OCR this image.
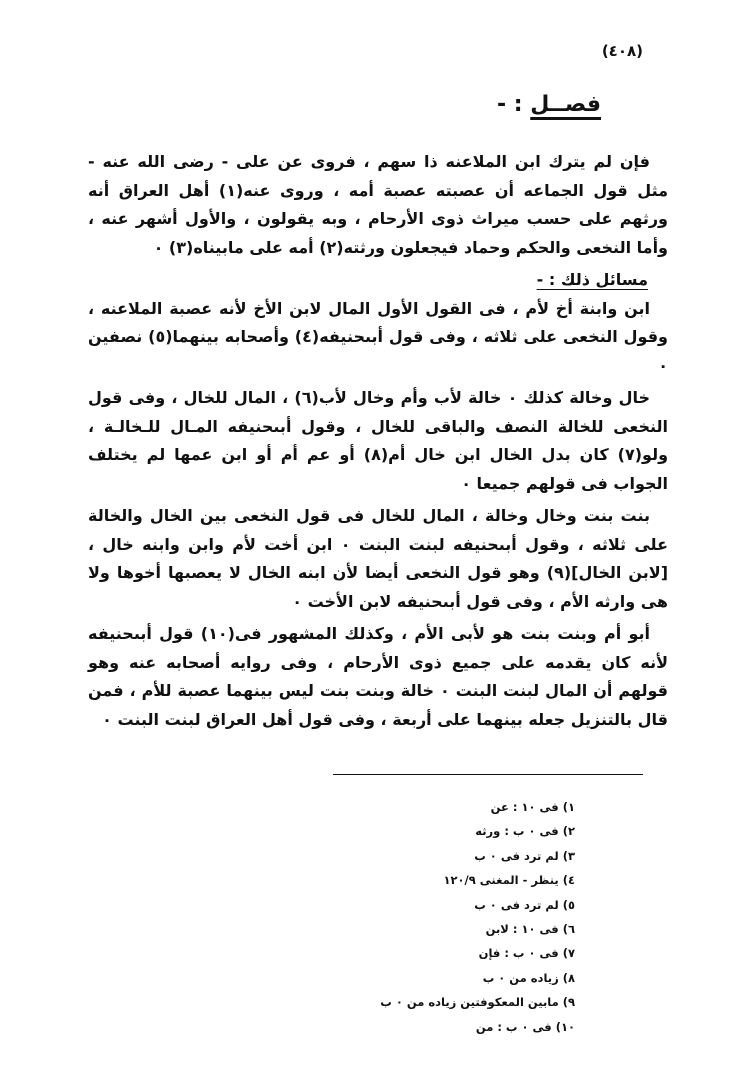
(٤٠٨)
فصــل : -

فإن لم يترك ابن الملاعنه ذا سهم ، فروى عن على - رضى الله عنه - مثل قول الجماعه أن عصبته عصبة أمه ، وروى عنه(١) أهل العراق أنه ورثهم على حسب ميراث ذوى الأرحام ، وبه يقولون ، والأول أشهر عنه ، وأما النخعى والحكم وحماد فيجعلون ورثته(٢) أمه على مابيناه(٣) ٠

مسائل ذلك : -

ابن وابنة أخ لأم ، فى القول الأول المال لابن الأخ لأنه عصبة الملاعنه ، وقول النخعى على ثلاثه ، وفى قول أبىحنيفه(٤) وأصحابه بينهما(٥) نصفين ٠

خال وخالة كذلك ٠ خالة لأب وأم وخال لأب(٦) ، المال للخال ، وفى قول النخعى للخالة النصف والباقى للخال ، وقول أبىحنيفه المـال للـخالـة ، ولو(٧) كان بدل الخال ابن خال أم(٨) أو عم أم أو ابن عمها لم يختلف الجواب فى قولهم جميعا ٠

بنت بنت وخال وخالة ، المال للخال فى قول النخعى بين الخال والخالة على ثلاثه ، وقول أبىحنيفه لبنت البنت ٠ ابن أخت لأم وابن وابنه خال ، [لابن الخال](٩) وهو قول النخعى أيضا لأن ابنه الخال لا يعصبها أخوها ولا هى وارثه الأم ، وفى قول أبىحنيفه لابن الأخت ٠

أبو أم وبنت بنت هو لأبى الأم ، وكذلك المشهور فى(١٠) قول أبىحنيفه لأنه كان يقدمه على جميع ذوى الأرحام ، وفى روايه أصحابه عنه وهو قولهم أن المال لبنت البنت ٠ خالة وبنت بنت ليس بينهما عصبة للأم ، فمن قال بالتنزيل جعله بينهما على أربعة ، وفى قول أهل العراق لبنت البنت ٠

١) فى ١٠ : عن
٢) فى ٠ ب : ورثه
٣) لم ترد فى ٠ ب
٤) ينظر - المغنى ١٢٠/٩
٥) لم ترد فى ٠ ب
٦) فى ١٠ : لابن
٧) فى ٠ ب : فإن
٨) زياده من ٠ ب
٩) مابين المعكوفتين زياده من ٠ ب
١٠) فى ٠ ب : من
